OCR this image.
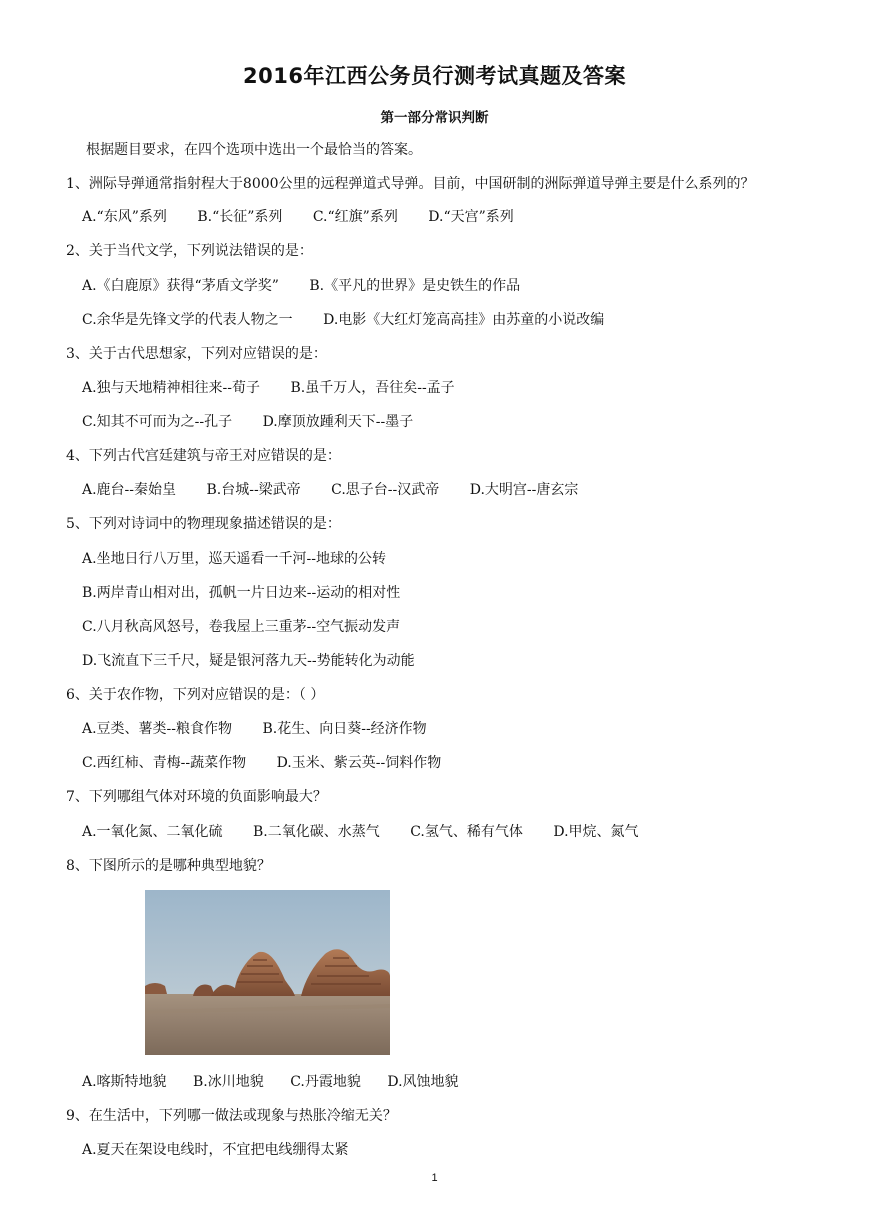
2016年江西公务员行测考试真题及答案
第一部分常识判断
根据题目要求，在四个选项中选出一个最恰当的答案。
1、洲际导弹通常指射程大于8000公里的远程弹道式导弹。目前，中国研制的洲际弹道导弹主要是什么系列的？
A.“东风”系列 B.“长征”系列 C.“红旗”系列 D.“天宫”系列
2、关于当代文学，下列说法错误的是：
A.《白鹿原》获得“茅盾文学奖” B.《平凡的世界》是史铁生的作品
C.余华是先锋文学的代表人物之一 D.电影《大红灯笼高高挂》由苏童的小说改编
3、关于古代思想家，下列对应错误的是：
A.独与天地精神相往来--荀子 B.虽千万人，吾往矣--孟子
C.知其不可而为之--孔子 D.摩顶放踵利天下--墨子
4、下列古代宫廷建筑与帝王对应错误的是：
A.鹿台--秦始皇 B.台城--梁武帝 C.思子台--汉武帝 D.大明宫--唐玄宗
5、下列对诗词中的物理现象描述错误的是：
A.坐地日行八万里，巡天遥看一千河--地球的公转
B.两岸青山相对出，孤帆一片日边来--运动的相对性
C.八月秋高风怒号，卷我屋上三重茅--空气振动发声
D.飞流直下三千尺，疑是银河落九天--势能转化为动能
6、关于农作物，下列对应错误的是：（ ）
A.豆类、薯类--粮食作物 B.花生、向日葵--经济作物
C.西红柿、青梅--蔬菜作物 D.玉米、紫云英--饲料作物
7、下列哪组气体对环境的负面影响最大？
A.一氧化氮、二氧化硫 B.二氧化碳、水蒸气 C.氢气、稀有气体 D.甲烷、氮气
8、下图所示的是哪种典型地貌？
A.喀斯特地貌 B.冰川地貌 C.丹霞地貌 D.风蚀地貌
9、在生活中，下列哪一做法或现象与热胀冷缩无关？
A.夏天在架设电线时，不宜把电线绷得太紧
1
